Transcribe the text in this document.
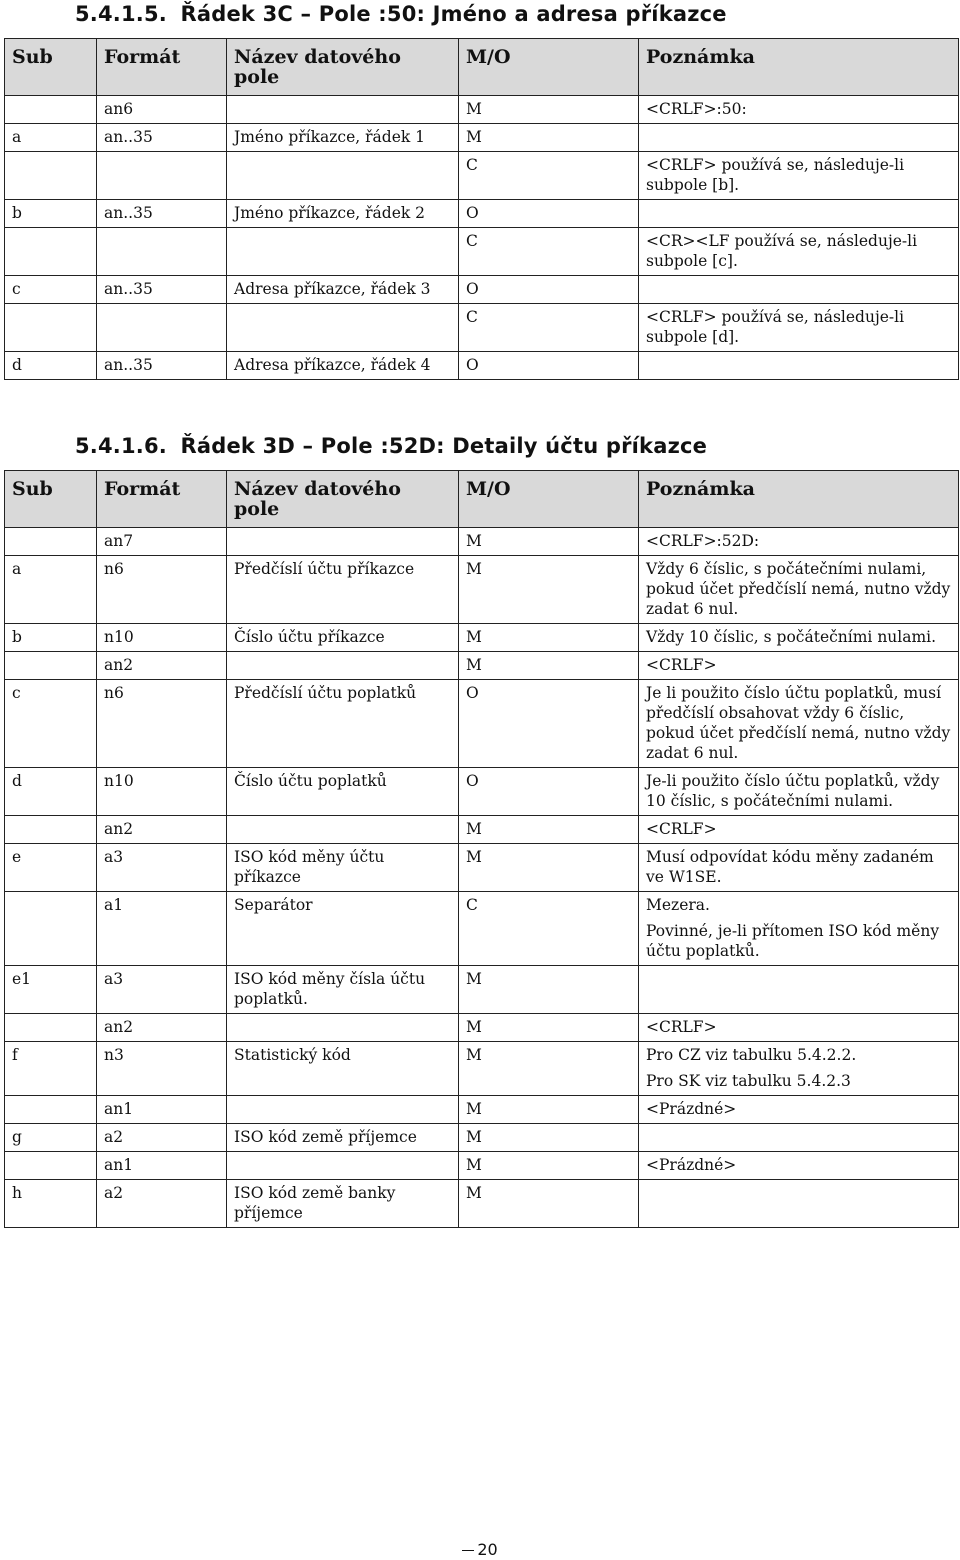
5.4.1.5. Řádek 3C – Pole :50: Jméno a adresa příkazce
Sub	Formát	Název datového pole	M/O	Poznámka
	an6		M	<CRLF>:50:
a	an..35	Jméno příkazce, řádek 1	M	
			C	<CRLF> používá se, následuje-li subpole [b].
b	an..35	Jméno příkazce, řádek 2	O	
			C	<CR><LF používá se, následuje-li subpole [c].
c	an..35	Adresa příkazce, řádek 3	O	
			C	<CRLF> používá se, následuje-li subpole [d].
d	an..35	Adresa příkazce, řádek 4	O	
5.4.1.6. Řádek 3D – Pole :52D: Detaily účtu příkazce
Sub	Formát	Název datového pole	M/O	Poznámka
	an7		M	<CRLF>:52D:
a	n6	Předčíslí účtu příkazce	M	Vždy 6 číslic, s počátečními nulami, pokud účet předčíslí nemá, nutno vždy zadat 6 nul.
b	n10	Číslo účtu příkazce	M	Vždy 10 číslic, s počátečními nulami.
	an2		M	<CRLF>
c	n6	Předčíslí účtu poplatků	O	Je li použito číslo účtu poplatků, musí předčíslí obsahovat vždy 6 číslic, pokud účet předčíslí nemá, nutno vždy zadat 6 nul.
d	n10	Číslo účtu poplatků	O	Je-li použito číslo účtu poplatků, vždy 10 číslic, s počátečními nulami.
	an2		M	<CRLF>
e	a3	ISO kód měny účtu příkazce	M	Musí odpovídat kódu měny zadaném ve W1SE.
	a1	Separátor	C	Mezera.
Povinné, je-li přítomen ISO kód měny účtu poplatků.

e1	a3	ISO kód měny čísla účtu poplatků.	M	
	an2		M	<CRLF>
f	n3	Statistický kód	M	Pro CZ viz tabulku 5.4.2.2.
Pro SK viz tabulku 5.4.2.3

	an1		M	<Prázdné>
g	a2	ISO kód země příjemce	M	
	an1		M	<Prázdné>
h	a2	ISO kód země banky příjemce	M	
20
